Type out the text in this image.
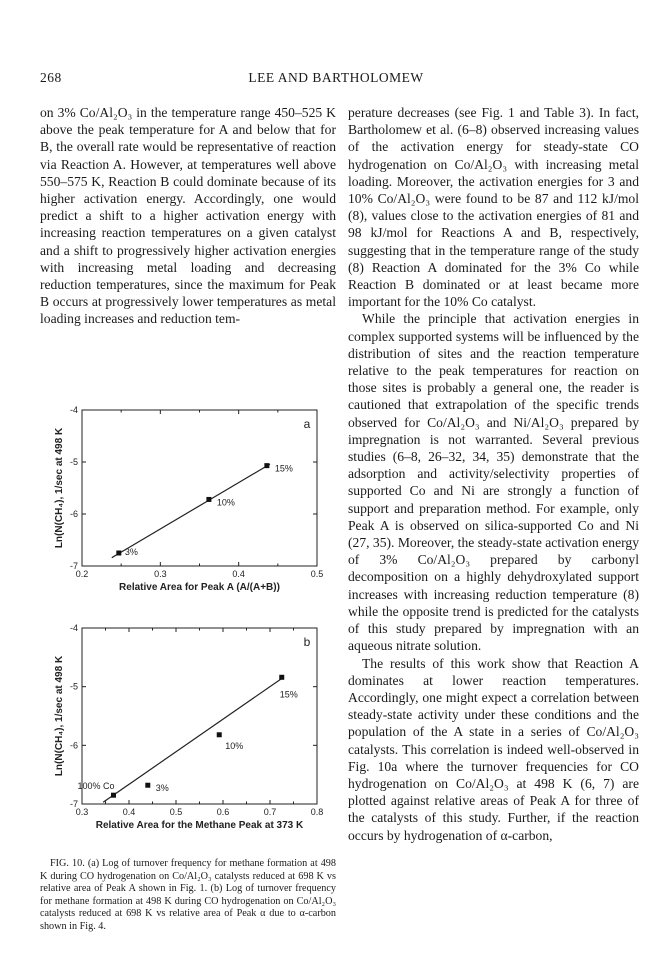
268	LEE AND BARTHOLOMEW

on 3% Co/Al₂O₃ in the temperature range 450–525 K above the peak temperature for A and below that for B, the overall rate would be representative of reaction via Reaction A. However, at temperatures well above 550–575 K, Reaction B could dominate because of its higher activation energy. Accordingly, one would predict a shift to a higher activation energy with increasing reaction temperatures on a given catalyst and a shift to progressively higher activation energies with increasing metal loading and decreasing reduction temperatures, since the maximum for Peak B occurs at progressively lower temperatures as metal loading increases and reduction tem-

0.2	0.3	0.4	0.5
-4
-5
-6
-7
a
3%
10%
15%
Relative Area for Peak A (A/(A+B))
Ln(N(CH₄), 1/sec at 498 K
0.3	0.4	0.5	0.6	0.7	0.8
-4
-5
-6
-7
b
100% Co	3%
10%
15%
Relative Area for the Methane Peak at 373 K
Ln(N(CH₄), 1/sec at 498 K

FIG. 10. (a) Log of turnover frequency for methane formation at 498 K during CO hydrogenation on Co/Al₂O₃ catalysts reduced at 698 K vs relative area of Peak A shown in Fig. 1. (b) Log of turnover frequency for methane formation at 498 K during CO hydrogenation on Co/Al₂O₃ catalysts reduced at 698 K vs relative area of Peak α due to α-carbon shown in Fig. 4.

perature decreases (see Fig. 1 and Table 3). In fact, Bartholomew et al. (6–8) observed increasing values of the activation energy for steady-state CO hydrogenation on Co/Al₂O₃ with increasing metal loading. Moreover, the activation energies for 3 and 10% Co/Al₂O₃ were found to be 87 and 112 kJ/mol (8), values close to the activation energies of 81 and 98 kJ/mol for Reactions A and B, respectively, suggesting that in the temperature range of the study (8) Reaction A dominated for the 3% Co while Reaction B dominated or at least became more important for the 10% Co catalyst.

While the principle that activation energies in complex supported systems will be influenced by the distribution of sites and the reaction temperature relative to the peak temperatures for reaction on those sites is probably a general one, the reader is cautioned that extrapolation of the specific trends observed for Co/Al₂O₃ and Ni/Al₂O₃ prepared by impregnation is not warranted. Several previous studies (6–8, 26–32, 34, 35) demonstrate that the adsorption and activity/selectivity properties of supported Co and Ni are strongly a function of support and preparation method. For example, only Peak A is observed on silica-supported Co and Ni (27, 35). Moreover, the steady-state activation energy of 3% Co/Al₂O₃ prepared by carbonyl decomposition on a highly dehydroxylated support increases with increasing reduction temperature (8) while the opposite trend is predicted for the catalysts of this study prepared by impregnation with an aqueous nitrate solution.

The results of this work show that Reaction A dominates at lower reaction temperatures. Accordingly, one might expect a correlation between steady-state activity under these conditions and the population of the A state in a series of Co/Al₂O₃ catalysts. This correlation is indeed well-observed in Fig. 10a where the turnover frequencies for CO hydrogenation on Co/Al₂O₃ at 498 K (6, 7) are plotted against relative areas of Peak A for three of the catalysts of this study. Further, if the reaction occurs by hydrogenation of α-carbon,
